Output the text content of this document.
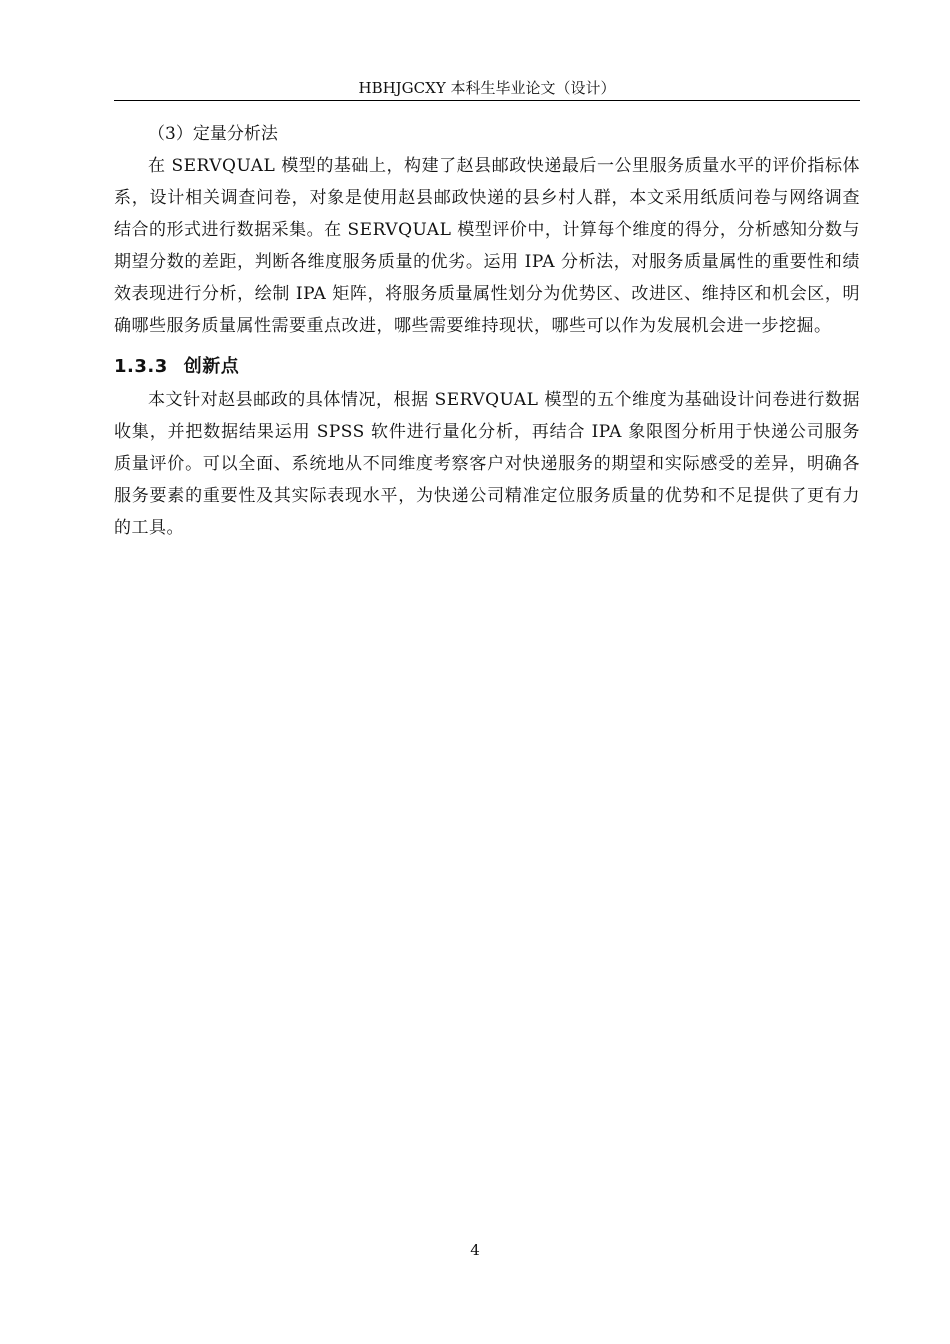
HBHJGCXY 本科生毕业论文（设计）

（3）定量分析法

在 SERVQUAL 模型的基础上，构建了赵县邮政快递最后一公里服务质量水平的评价指标体系，设计相关调查问卷，对象是使用赵县邮政快递的县乡村人群，本文采用纸质问卷与网络调查结合的形式进行数据采集。在 SERVQUAL 模型评价中，计算每个维度的得分，分析感知分数与期望分数的差距，判断各维度服务质量的优劣。运用 IPA 分析法，对服务质量属性的重要性和绩效表现进行分析，绘制 IPA 矩阵，将服务质量属性划分为优势区、改进区、维持区和机会区，明确哪些服务质量属性需要重点改进，哪些需要维持现状，哪些可以作为发展机会进一步挖掘。

1.3.3 创新点

本文针对赵县邮政的具体情况，根据 SERVQUAL 模型的五个维度为基础设计问卷进行数据收集，并把数据结果运用 SPSS 软件进行量化分析，再结合 IPA 象限图分析用于快递公司服务质量评价。可以全面、系统地从不同维度考察客户对快递服务的期望和实际感受的差异，明确各服务要素的重要性及其实际表现水平，为快递公司精准定位服务质量的优势和不足提供了更有力的工具。

4
